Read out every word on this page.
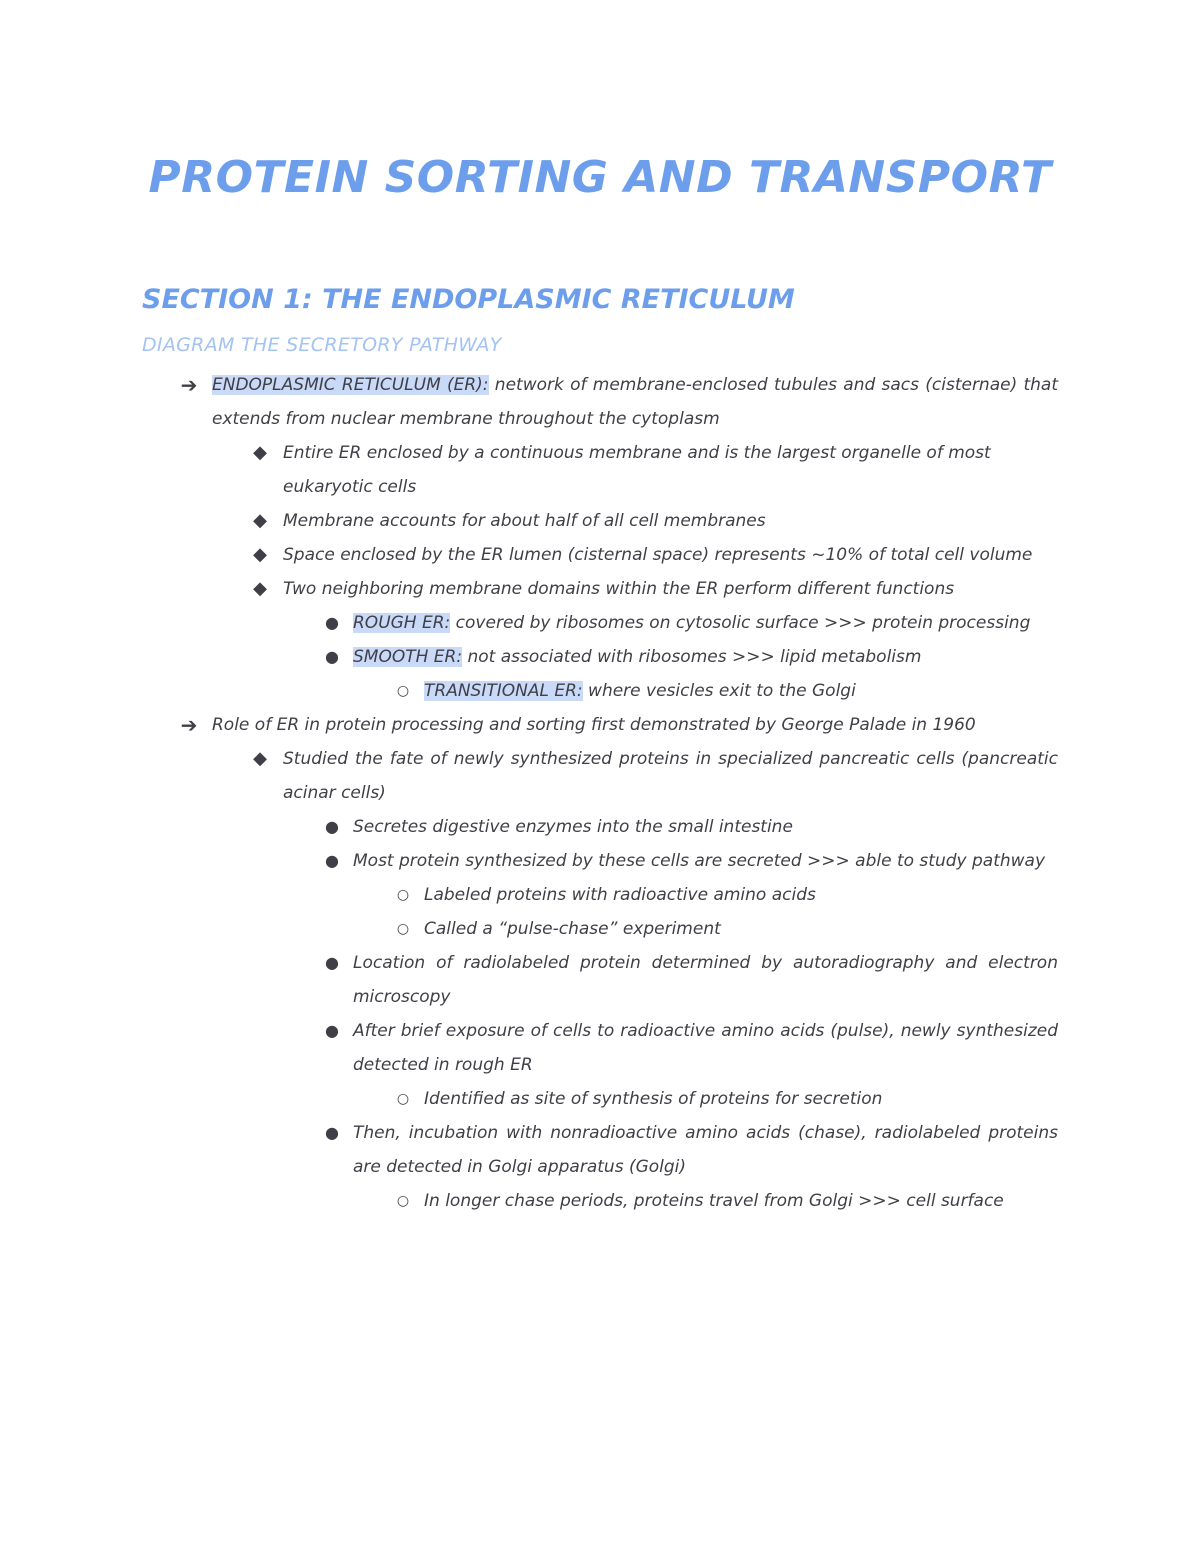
PROTEIN SORTING AND TRANSPORT
SECTION 1: THE ENDOPLASMIC RETICULUM
DIAGRAM THE SECRETORY PATHWAY
➔ ENDOPLASMIC RETICULUM (ER): network of membrane-enclosed tubules and sacs (cisternae) that extends from nuclear membrane throughout the cytoplasm
◆ Entire ER enclosed by a continuous membrane and is the largest organelle of most eukaryotic cells
◆ Membrane accounts for about half of all cell membranes
◆ Space enclosed by the ER lumen (cisternal space) represents ~10% of total cell volume
◆ Two neighboring membrane domains within the ER perform different functions
● ROUGH ER: covered by ribosomes on cytosolic surface >>> protein processing
● SMOOTH ER: not associated with ribosomes >>> lipid metabolism
○ TRANSITIONAL ER: where vesicles exit to the Golgi
➔ Role of ER in protein processing and sorting first demonstrated by George Palade in 1960
◆ Studied the fate of newly synthesized proteins in specialized pancreatic cells (pancreatic acinar cells)
● Secretes digestive enzymes into the small intestine
● Most protein synthesized by these cells are secreted >>> able to study pathway
○ Labeled proteins with radioactive amino acids
○ Called a “pulse-chase” experiment
● Location of radiolabeled protein determined by autoradiography and electron microscopy
● After brief exposure of cells to radioactive amino acids (pulse), newly synthesized detected in rough ER
○ Identified as site of synthesis of proteins for secretion
● Then, incubation with nonradioactive amino acids (chase), radiolabeled proteins are detected in Golgi apparatus (Golgi)
○ In longer chase periods, proteins travel from Golgi >>> cell surface
